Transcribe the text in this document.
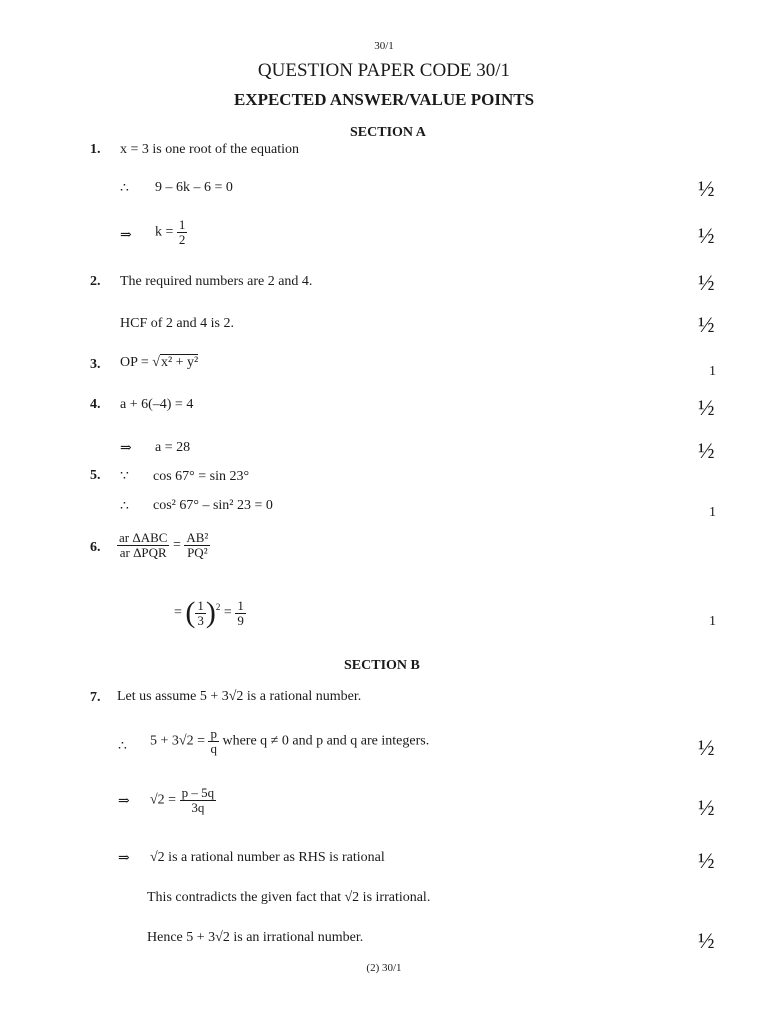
30/1
QUESTION PAPER CODE 30/1
EXPECTED ANSWER/VALUE POINTS
SECTION A
1. x = 3 is one root of the equation
∴ 9 – 6k – 6 = 0	½
⇒ $k = \frac{1}{2}$	½
2. The required numbers are 2 and 4.	½
HCF of 2 and 4 is 2.	½
3. OP = √x² + y²
1
4. a + 6(–4) = 4	½
⇒ a = 28	½
5. ∵ cos 67° = sin 23°
∴ cos² 67° – sin² 23 = 0	1
6. $\frac{\text{ar ΔABC}}{\text{ar ΔPQR}} = \frac{\text{AB²}}{\text{PQ²}}$
= ( $\frac{1}{3} )^2 = \frac{1}{9}$	1
SECTION B
7. Let us assume 5 + 3√2 is a rational number.
∴ $5 + 3√2 = \frac{p}{q}$ where q ≠ 0 and p and q are integers.	½
⇒ $√2 = \frac{p - 5q}{3q}$	½
⇒ √2 is a rational number as RHS is rational	½
This contradicts the given fact that √2 is irrational.
Hence 5 + 3√2 is an irrational number.	½
(2) 30/1
